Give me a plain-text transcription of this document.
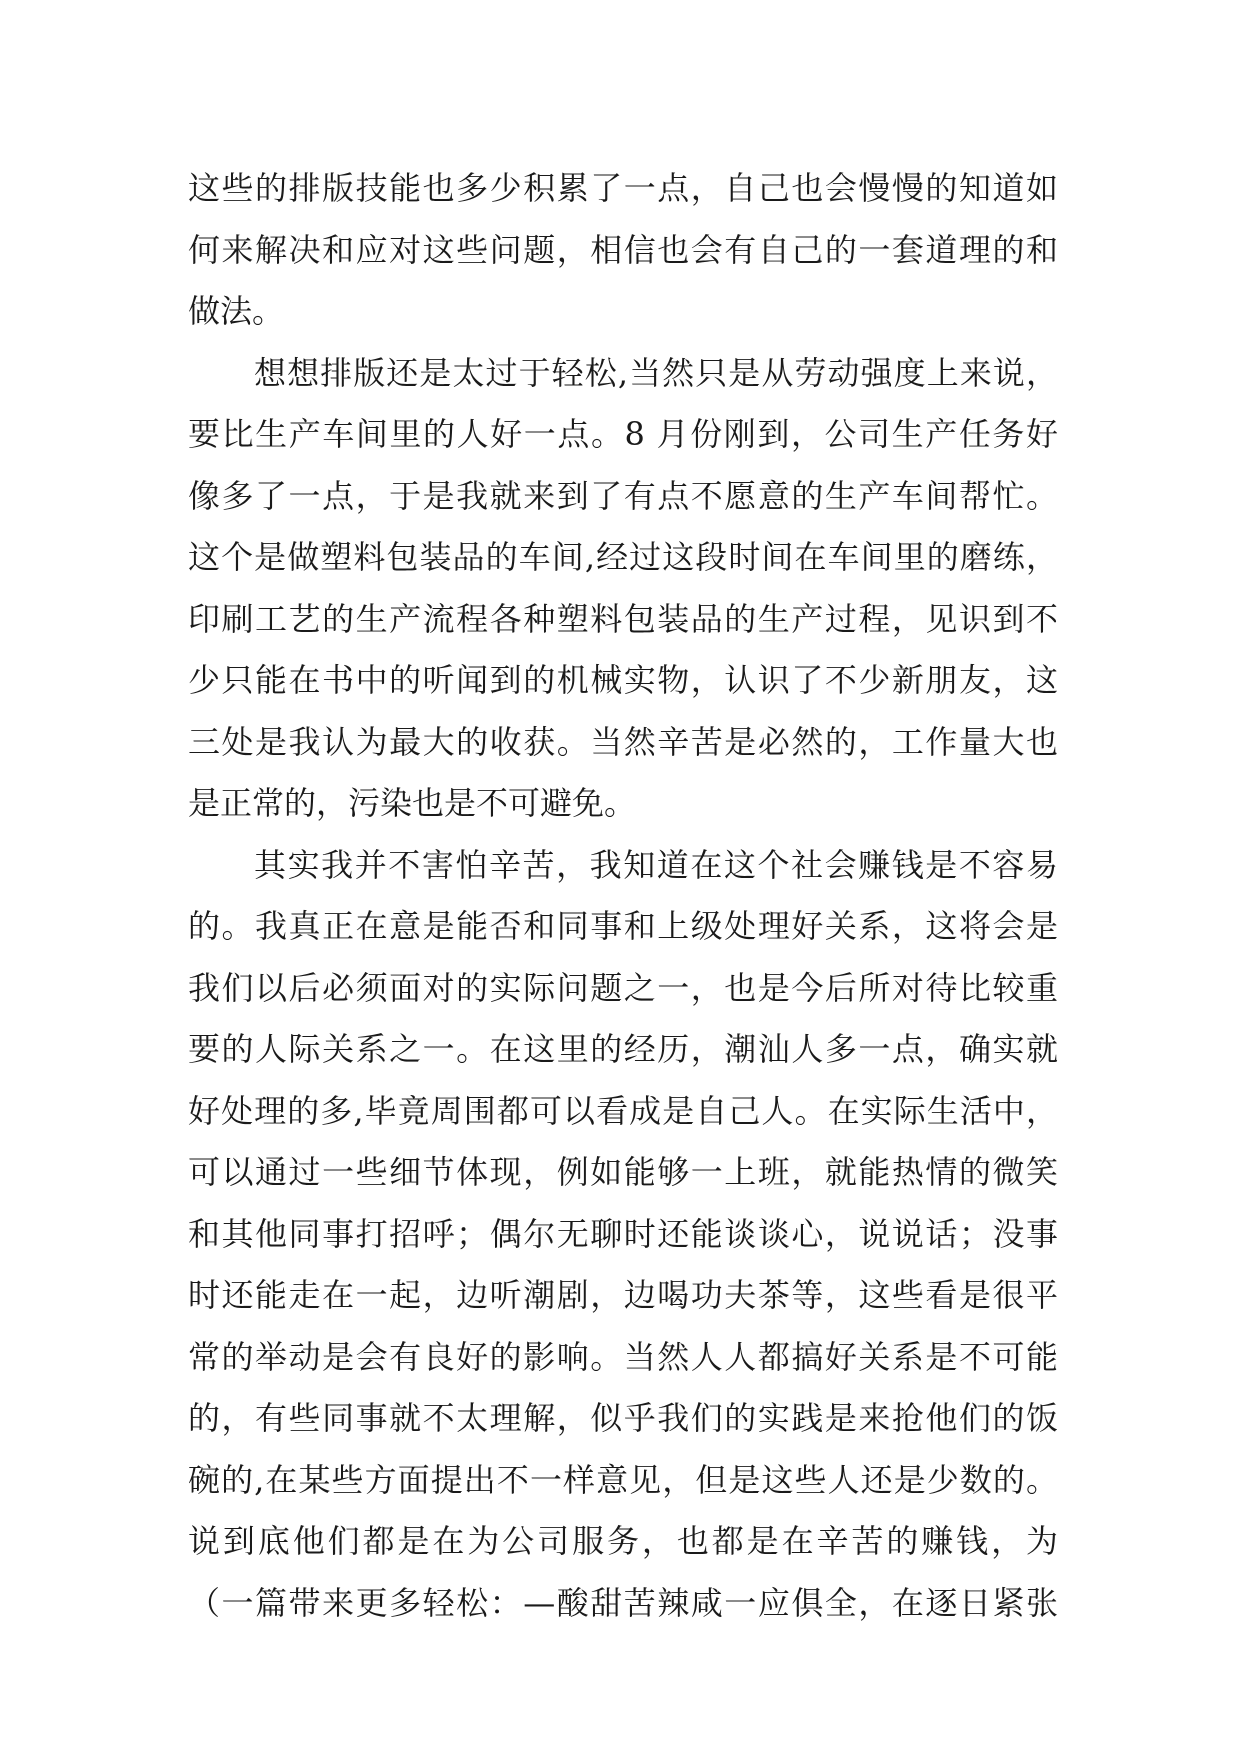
这些的排版技能也多少积累了一点，自己也会慢慢的知道如
何来解决和应对这些问题，相信也会有自己的一套道理的和
做法。
想想排版还是太过于轻松,当然只是从劳动强度上来说，
要比生产车间里的人好一点。8 月份刚到，公司生产任务好
像多了一点，于是我就来到了有点不愿意的生产车间帮忙。
这个是做塑料包装品的车间,经过这段时间在车间里的磨练，
印刷工艺的生产流程各种塑料包装品的生产过程，见识到不
少只能在书中的听闻到的机械实物，认识了不少新朋友，这
三处是我认为最大的收获。当然辛苦是必然的，工作量大也
是正常的，污染也是不可避免。
其实我并不害怕辛苦，我知道在这个社会赚钱是不容易
的。我真正在意是能否和同事和上级处理好关系，这将会是
我们以后必须面对的实际问题之一，也是今后所对待比较重
要的人际关系之一。在这里的经历，潮汕人多一点，确实就
好处理的多,毕竟周围都可以看成是自己人。在实际生活中，
可以通过一些细节体现，例如能够一上班，就能热情的微笑
和其他同事打招呼；偶尔无聊时还能谈谈心，说说话；没事
时还能走在一起，边听潮剧，边喝功夫茶等，这些看是很平
常的举动是会有良好的影响。当然人人都搞好关系是不可能
的，有些同事就不太理解，似乎我们的实践是来抢他们的饭
碗的,在某些方面提出不一样意见，但是这些人还是少数的。
说到底他们都是在为公司服务，也都是在辛苦的赚钱，为
（一篇带来更多轻松：—酸甜苦辣咸一应俱全，在逐日紧张
